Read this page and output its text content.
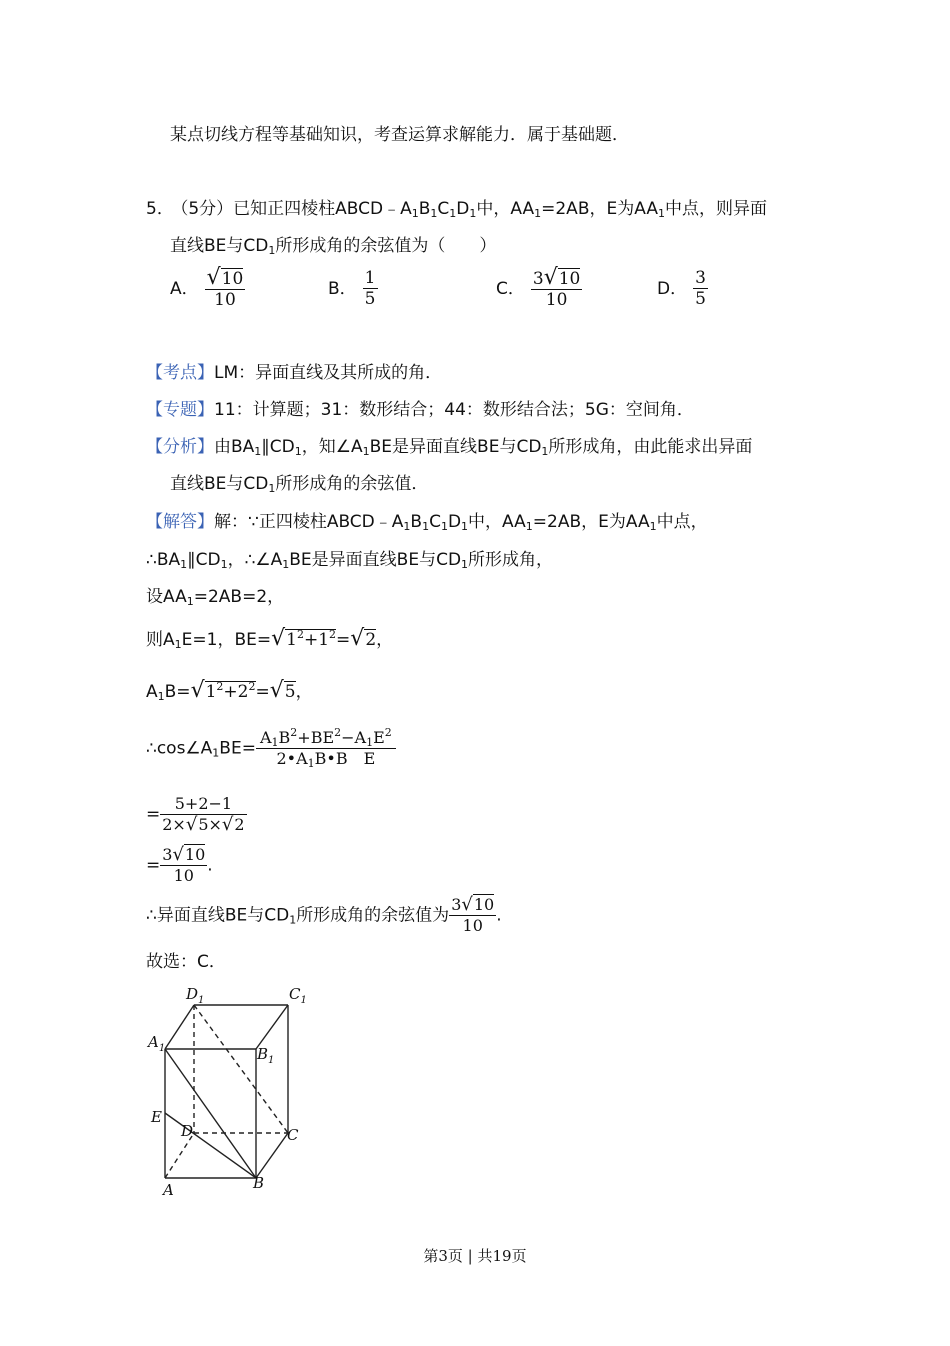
某点切线方程等基础知识，考查运算求解能力．属于基础题．
5． （5分）已知正四棱柱$ABCD﹣A_1B_1C_1D_1$中，$AA_1=2AB$，E为$AA_1$中点，则异面
直线BE与$CD_1$所形成角的余弦值为（　　）
A． $\frac{√10}{10}$	B． $\frac{1}{5}$	C． $\frac{3√10}{10}$	D． $\frac{3}{5}$
【考点】LM：异面直线及其所成的角．
【专题】11：计算题；31：数形结合；44：数形结合法；5G：空间角．
【分析】由$BA_1\parallel CD_1$，知$\angle A_1BE$是异面直线BE与$CD_1$所形成角，由此能求出异面
直线BE与$CD_1$所形成角的余弦值．
【解答】解：∵正四棱柱$ABCD﹣A_1B_1C_1D_1$中，$AA_1=2AB$，E为$AA_1$中点，
$\therefore BA_1\parallel CD_1$，$\therefore\angle A_1BE$是异面直线BE与$CD_1$所形成角，
设$AA_1=2AB=2$，
则$A_1E=1$，$BE=√1^2+1^2=√2$，
$A_1B=√1^2+2^2=√5$，
$\therefore\cos\angle A_1BE= \frac{A_1B^2+BE^2-A_1E^2}{2•A_1B•B E}$
= $\frac{5+2-1}{2\times√5\times√2}$
= $\frac{3√10}{10}$ .
∴异面直线BE与$CD_1$所形成角的余弦值为 $\frac{3√10}{10}$ .
故选：C．
$D_1$	$C_1$
$A_1$	$B_1$
E
D	C
A	B
第3页 | 共19页
